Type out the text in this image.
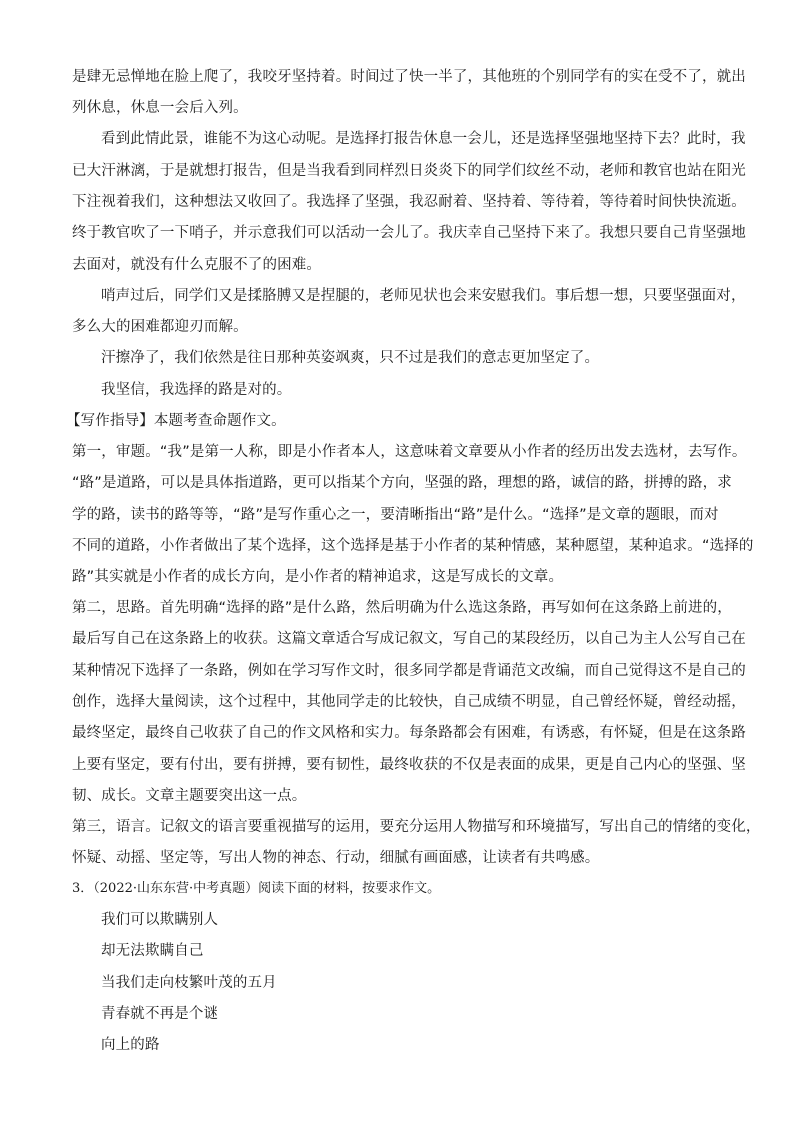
是肆无忌惮地在脸上爬了，我咬牙坚持着。时间过了快一半了，其他班的个别同学有的实在受不了，就出
列休息，休息一会后入列。
看到此情此景，谁能不为这心动呢。是选择打报告休息一会儿，还是选择坚强地坚持下去？此时，我
已大汗淋漓，于是就想打报告，但是当我看到同样烈日炎炎下的同学们纹丝不动，老师和教官也站在阳光
下注视着我们，这种想法又收回了。我选择了坚强，我忍耐着、坚持着、等待着，等待着时间快快流逝。
终于教官吹了一下哨子，并示意我们可以活动一会儿了。我庆幸自己坚持下来了。我想只要自己肯坚强地
去面对，就没有什么克服不了的困难。
哨声过后，同学们又是揉胳膊又是捏腿的，老师见状也会来安慰我们。事后想一想，只要坚强面对，
多么大的困难都迎刃而解。
汗擦净了，我们依然是往日那种英姿飒爽，只不过是我们的意志更加坚定了。
我坚信，我选择的路是对的。
【写作指导】本题考查命题作文。
第一，审题。“我”是第一人称，即是小作者本人，这意味着文章要从小作者的经历出发去选材，去写作。
“路”是道路，可以是具体指道路，更可以指某个方向，坚强的路，理想的路，诚信的路，拼搏的路，求
学的路，读书的路等等，“路”是写作重心之一，要清晰指出“路”是什么。“选择”是文章的题眼，而对
不同的道路，小作者做出了某个选择，这个选择是基于小作者的某种情感，某种愿望，某种追求。“选择的
路”其实就是小作者的成长方向，是小作者的精神追求，这是写成长的文章。
第二，思路。首先明确“选择的路”是什么路，然后明确为什么选这条路，再写如何在这条路上前进的，
最后写自己在这条路上的收获。这篇文章适合写成记叙文，写自己的某段经历，以自己为主人公写自己在
某种情况下选择了一条路，例如在学习写作文时，很多同学都是背诵范文改编，而自己觉得这不是自己的
创作，选择大量阅读，这个过程中，其他同学走的比较快，自己成绩不明显，自己曾经怀疑，曾经动摇，
最终坚定，最终自己收获了自己的作文风格和实力。每条路都会有困难，有诱惑，有怀疑，但是在这条路
上要有坚定，要有付出，要有拼搏，要有韧性，最终收获的不仅是表面的成果，更是自己内心的坚强、坚
韧、成长。文章主题要突出这一点。
第三，语言。记叙文的语言要重视描写的运用，要充分运用人物描写和环境描写，写出自己的情绪的变化，
怀疑、动摇、坚定等，写出人物的神态、行动，细腻有画面感，让读者有共鸣感。
3．（2022·山东东营·中考真题）阅读下面的材料，按要求作文。
我们可以欺瞒别人
却无法欺瞒自己
当我们走向枝繁叶茂的五月
青春就不再是个谜
向上的路
